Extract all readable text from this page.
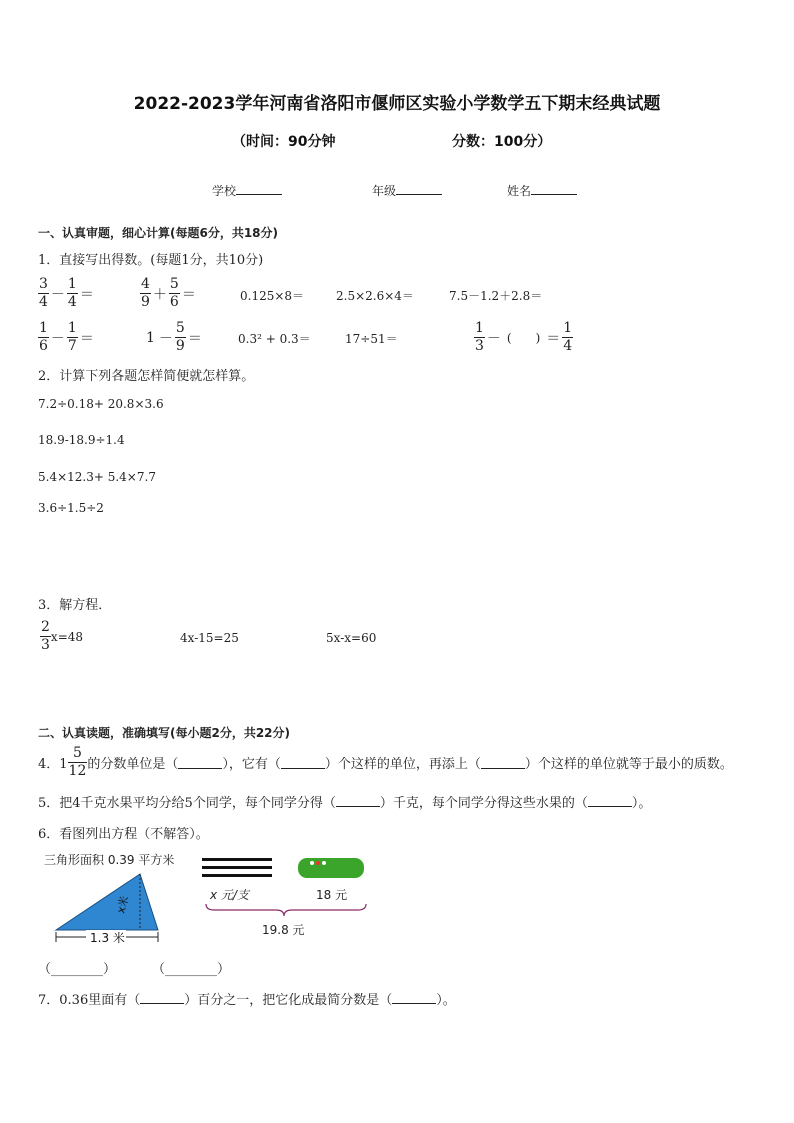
2022-2023学年河南省洛阳市偃师区实验小学数学五下期末经典试题
（时间：90分钟	分数：100分）
学校	年级	姓名
一、认真审题，细心计算(每题6分，共18分)
1．直接写出得数。(每题1分，共10分)
$\frac{3}{4} - \frac{1}{4}$ ＝	$\frac{4}{9} + \frac{5}{6}$ ＝	0.125×8＝	2.5×2.6×4＝	7.5－1.2＋2.8＝
$\frac{1}{6} - \frac{1}{7}$ ＝	$1 - \frac{5}{9}$ ＝	0.3² + 0.3＝	17÷51＝	$\frac{1}{3}$ － (　　) ＝ $\frac{1}{4}$
2．计算下列各题怎样简便就怎样算。
7.2÷0.18+ 20.8×3.6
18.9-18.9÷1.4
5.4×12.3+ 5.4×7.7
3.6÷1.5÷2
3．解方程．
$\frac{2}{3} x=48$	4x-15=25	5x-x=60
二、认真读题，准确填写(每小题2分，共22分)
4．$1 \frac{5}{12}$ 的分数单位是（	），它有（	）个这样的单位，再添上（	）个这样的单位就等于最小的质数。
5．把4千克水果平均分给5个同学，每个同学分得（	）千克，每个同学分得这些水果的（	）。
6．看图列出方程（不解答）。
三角形面积 0.39 平方米
x米
1.3 米
x 元/支	18 元
19.8 元
（________）	（________）
7．0.36里面有（	）百分之一，把它化成最简分数是（	）。
